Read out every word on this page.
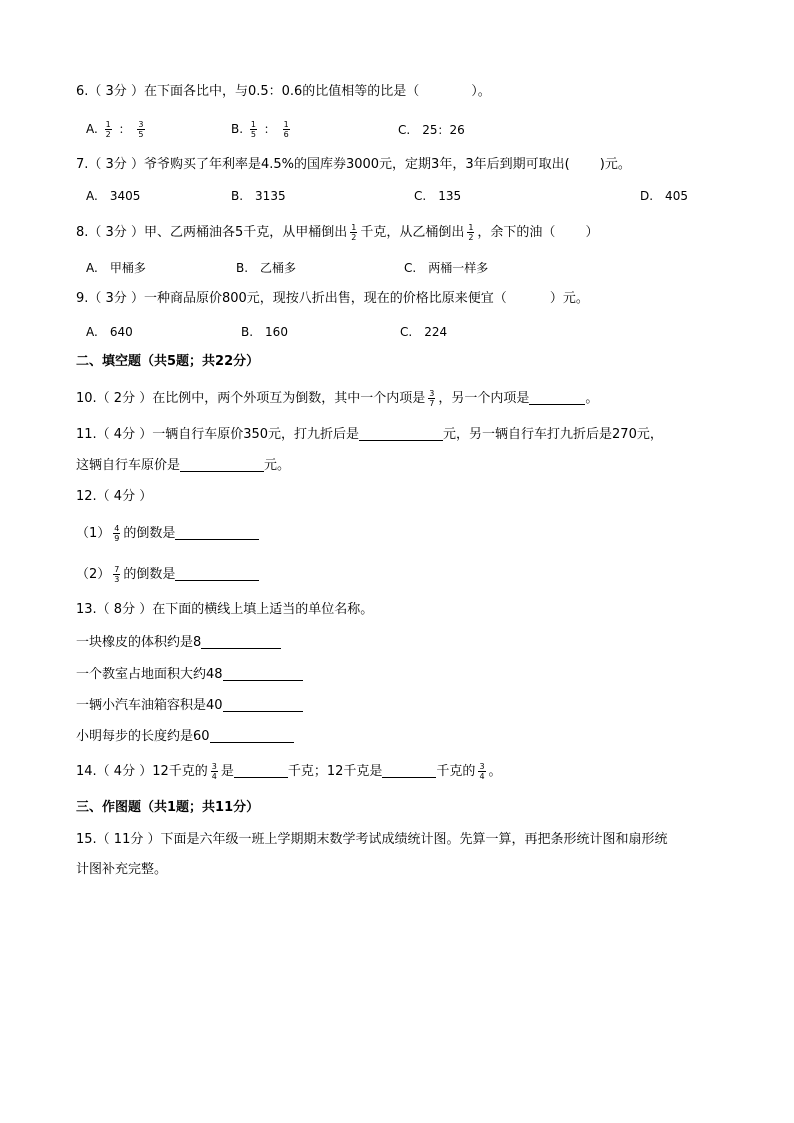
6.（ 3分 ）在下面各比中，与0.5：0.6的比值相等的比是（	）。
A. $\frac{1}{2}$ ： $\frac{3}{5}$	B. $\frac{1}{5}$ ： $\frac{1}{6}$	C.　25：26
7.（ 3分 ）爷爷购买了年利率是4.5%的国库券3000元，定期3年，3年后到期可取出(　　 )元。
A.　3405	B.　3135	C.　135	D.　405
8.（ 3分 ）甲、乙两桶油各5千克，从甲桶倒出 $\frac{1}{2}$ 千克，从乙桶倒出 $\frac{1}{2}$ ，余下的油（　　 ）
A.　甲桶多	B.　乙桶多	C.　两桶一样多
9.（ 3分 ）一种商品原价800元，现按八折出售，现在的价格比原来便宜（　　　 ）元。
A.　640	B.　160	C.　224
二、填空题（共5题；共22分）
10.（ 2分 ）在比例中，两个外项互为倒数，其中一个内项是 $\frac{3}{7}$ ，另一个内项是	。
11.（ 4分 ）一辆自行车原价350元，打九折后是	元，另一辆自行车打九折后是270元，
这辆自行车原价是	元。
12.（ 4分 ）
$(1) \frac{4}{9}$ 的倒数是
$(2) \frac{7}{3}$ 的倒数是
13.（ 8分 ）在下面的横线上填上适当的单位名称。
一块橡皮的体积约是8
一个教室占地面积大约48
一辆小汽车油箱容积是40
小明每步的长度约是60
14.（ 4分 ）12千克的 $\frac{3}{4}$ 是	千克；12千克是	千克的 $\frac{3}{4}$ 。
三、作图题（共1题；共11分）
15.（ 11分 ）下面是六年级一班上学期期末数学考试成绩统计图。先算一算，再把条形统计图和扇形统
计图补充完整。
